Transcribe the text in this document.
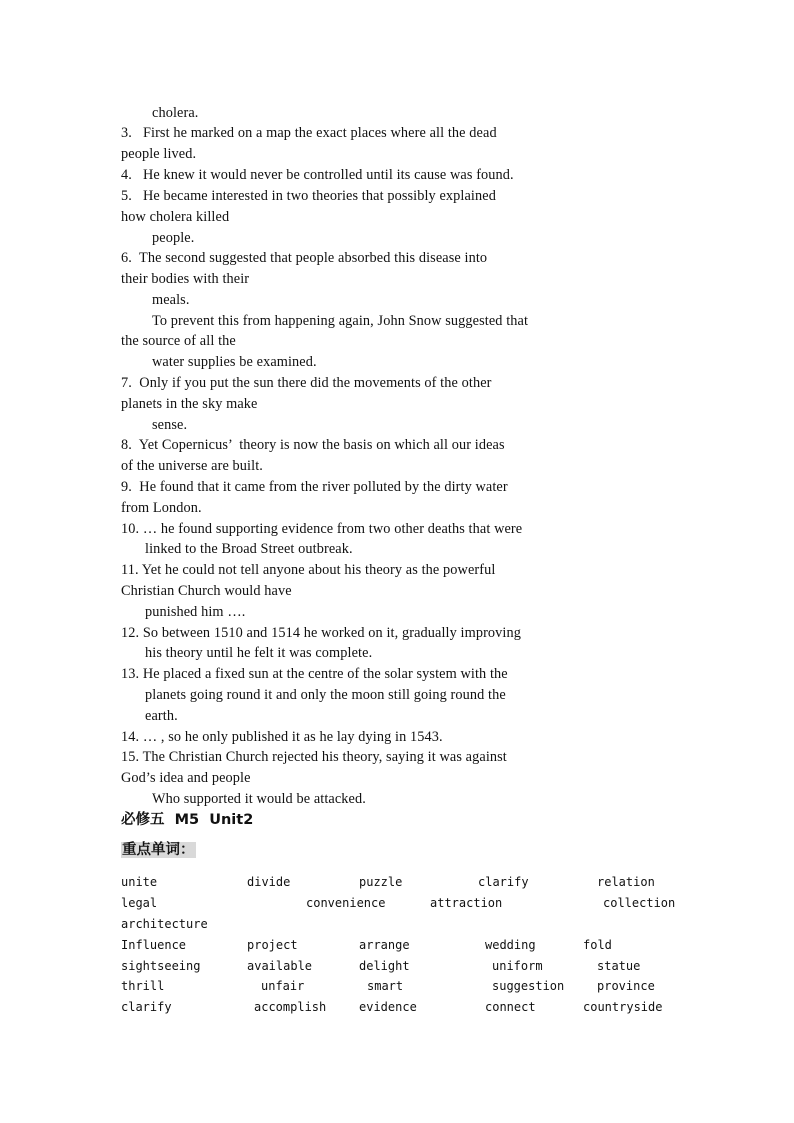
cholera.
3.   First he marked on a map the exact places where all the dead
people lived.
4.   He knew it would never be controlled until its cause was found.
5.   He became interested in two theories that possibly explained
how cholera killed
people.
6.  The second suggested that people absorbed this disease into
their bodies with their
meals.
To prevent this from happening again, John Snow suggested that
the source of all the
water supplies be examined.
7.  Only if you put the sun there did the movements of the other
planets in the sky make
sense.
8.  Yet Copernicus’  theory is now the basis on which all our ideas
of the universe are built.
9.  He found that it came from the river polluted by the dirty water
from London.
10. … he found supporting evidence from two other deaths that were
linked to the Broad Street outbreak.
11. Yet he could not tell anyone about his theory as the powerful
Christian Church would have
punished him ….
12. So between 1510 and 1514 he worked on it, gradually improving
his theory until he felt it was complete.
13. He placed a fixed sun at the centre of the solar system with the
planets going round it and only the moon still going round the
earth.
14. … , so he only published it as he lay dying in 1543.
15. The Christian Church rejected his theory, saying it was against
God’s idea and people
Who supported it would be attacked.
必修五  M5  Unit2
重点单词：
unite	divide	puzzle	clarify	relation
legal	convenience	attraction	collection
architecture
Influence	project	arrange	wedding	fold
sightseeing	available	delight	uniform	statue
thrill	unfair	smart	suggestion	province
clarify	accomplish	evidence	connect	countryside
